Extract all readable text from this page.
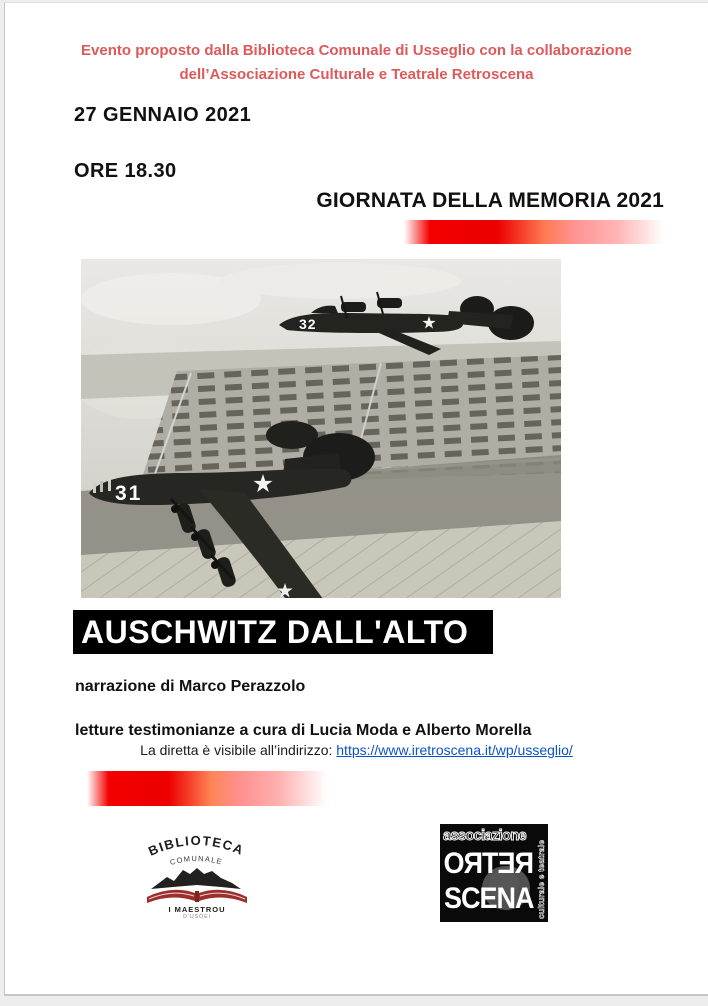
Evento proposto dalla Biblioteca Comunale di Usseglio con la collaborazione
dell’Associazione Culturale e Teatrale Retroscena
27 GENNAIO 2021
ORE 18.30
GIORNATA DELLA MEMORIA 2021
32
31
AUSCHWITZ DALL'ALTO
narrazione di Marco Perazzolo
letture testimonianze a cura di Lucia Moda e Alberto Morella
La diretta è visibile all’indirizzo: https://www.iretroscena.it/wp/usseglio/
BIBLIOTECA
COMUNALE
I MAESTROU
D'USÖEI
associazione
RETRO
SCENA culturale e teatrale
